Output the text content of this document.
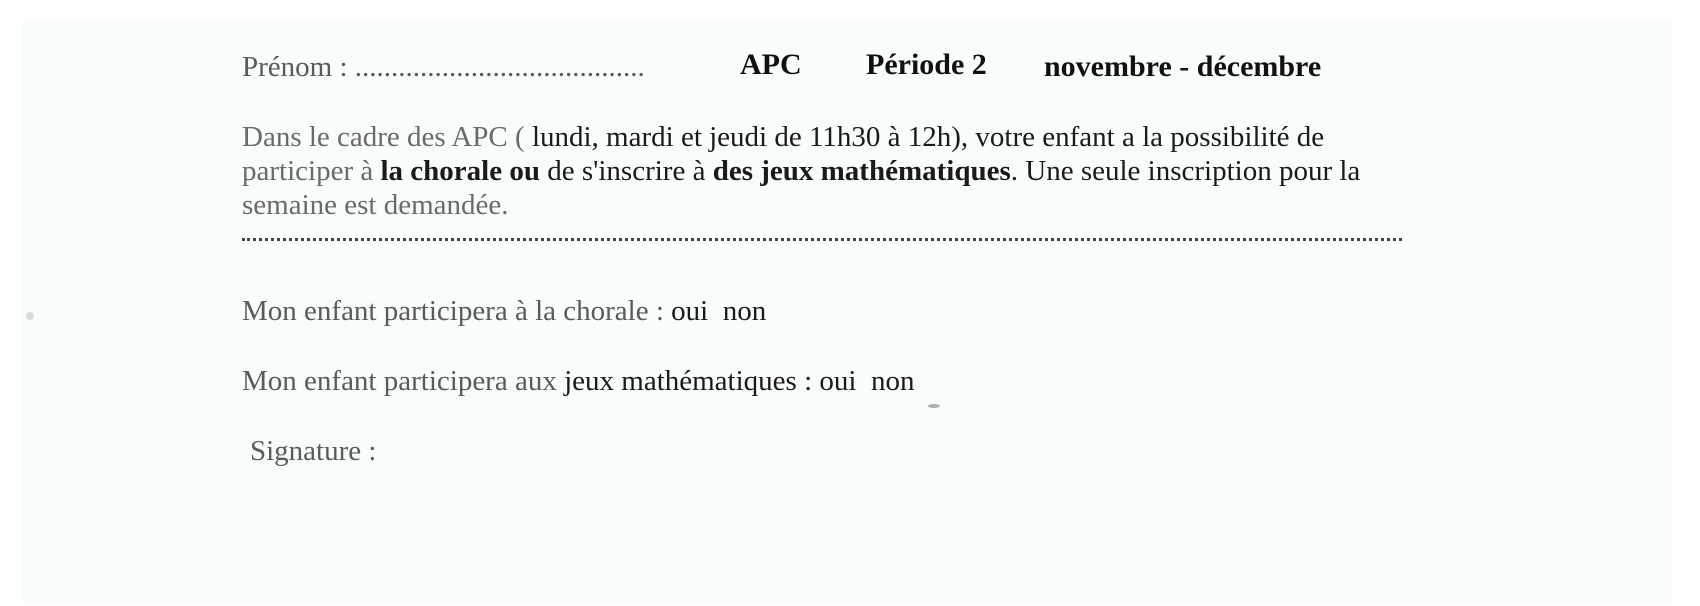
Prénom : ........................................	APC Période 2 novembre - décembre
Dans le cadre des APC ( lundi, mardi et jeudi de 11h30 à 12h), votre enfant a la possibilité de
participer à la chorale ou de s'inscrire à des jeux mathématiques. Une seule inscription pour la
semaine est demandée.
Mon enfant participera à la chorale : oui  non
Mon enfant participera aux jeux mathématiques : oui  non
Signature :
